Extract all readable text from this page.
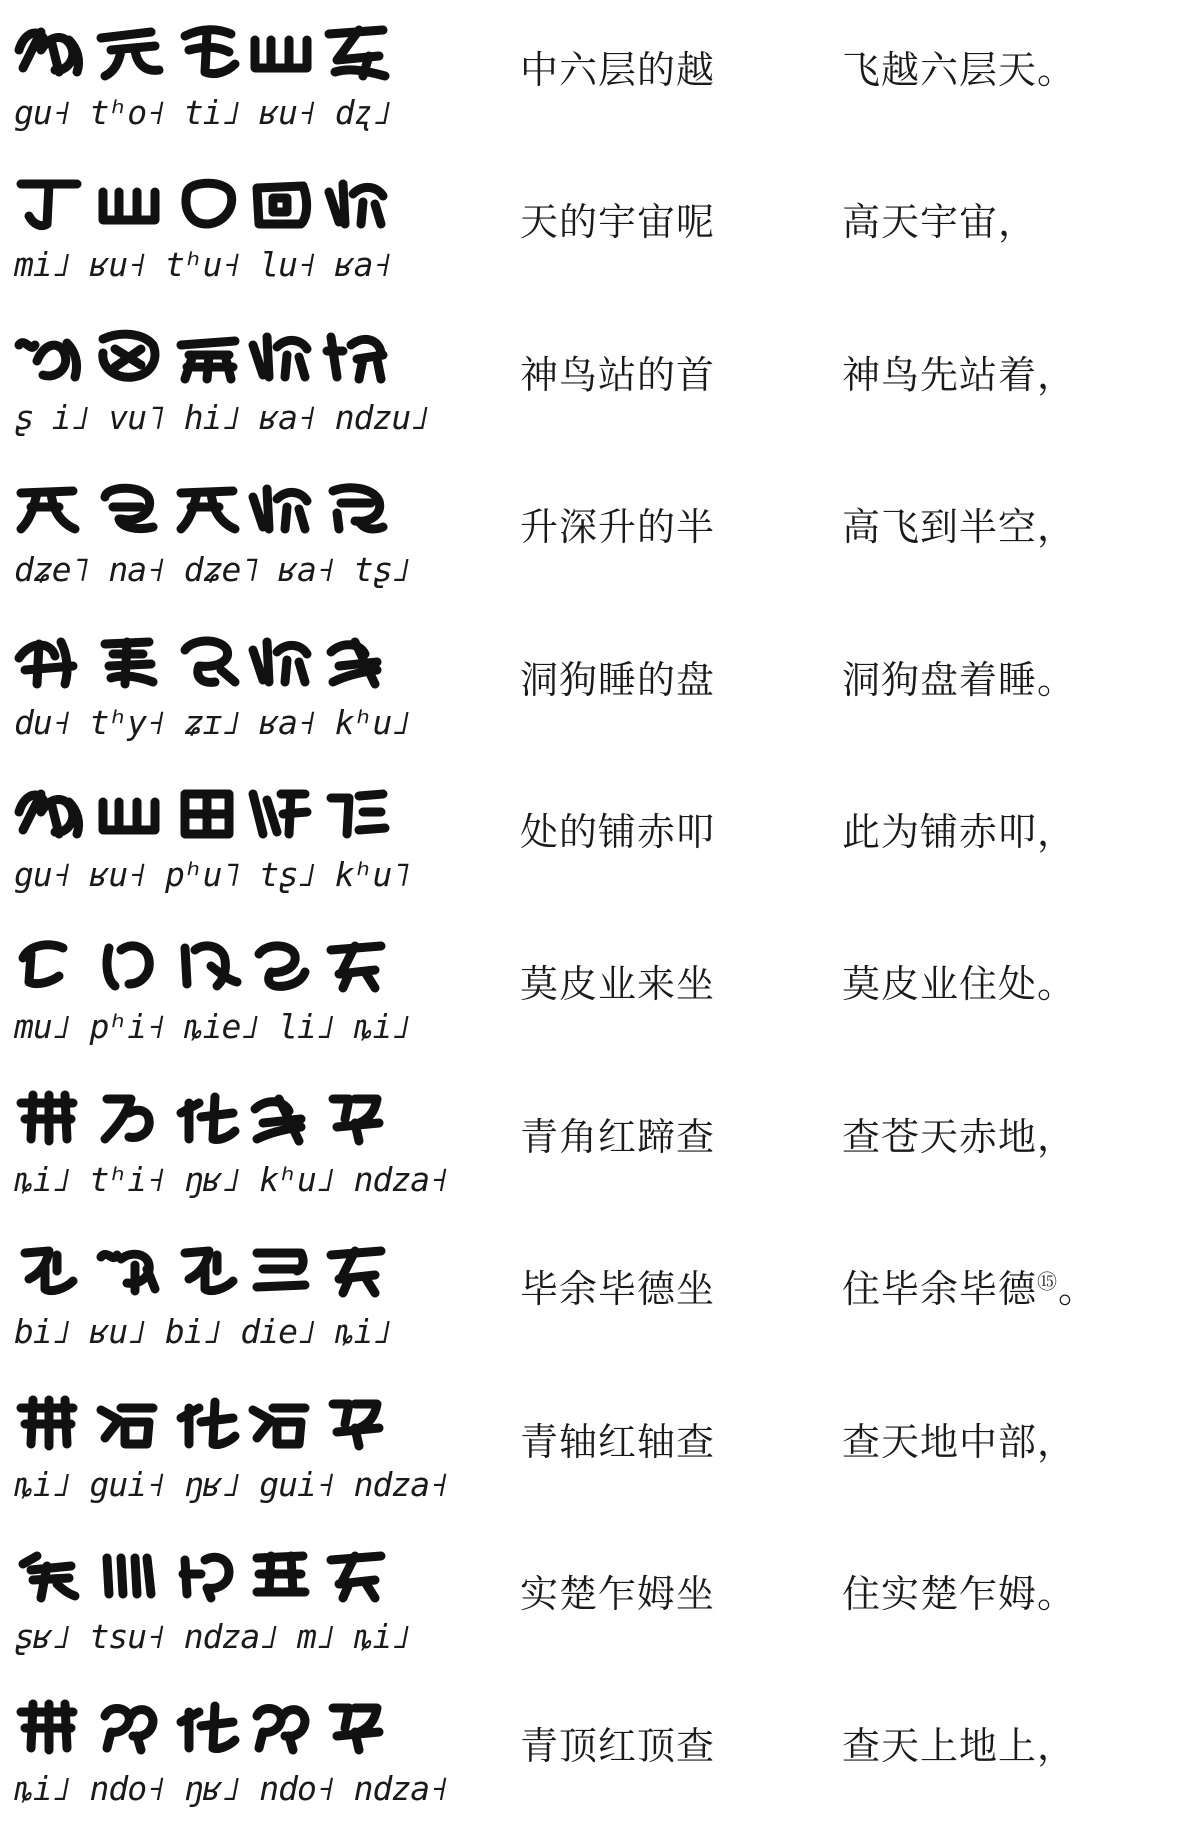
gu˧ tʰo˧ ti˩ ʁu˧ dʐ˩
中六层的越	飞越六层天。
mi˩ ʁu˧ tʰu˧ lu˧ ʁa˧
天的宇宙呢	高天宇宙，
ʂ i˩ vu˥ hi˩ ʁa˧ ndzu˩
神鸟站的首	神鸟先站着，
dʑe˥ na˧ dʑe˥ ʁa˧ tʂ˩
升深升的半	高飞到半空，
du˧ tʰy˧ ʑɪ˩ ʁa˧ kʰu˩
洞狗睡的盘	洞狗盘着睡。
gu˧ ʁu˧ pʰu˥ tʂ˩ kʰu˥
处的铺赤叩	此为铺赤叩，
mu˩ pʰi˧ ȵie˩ li˩ ȵi˩
莫皮业来坐	莫皮业住处。
ȵi˩ tʰi˧ ŋʁ˩ kʰu˩ ndza˧
青角红蹄查	查苍天赤地，
bi˩ ʁu˩ bi˩ die˩ ȵi˩
毕余毕德坐	住毕余毕德⑮。
ȵi˩ gui˧ ŋʁ˩ gui˧ ndza˧
青轴红轴查	查天地中部，
ʂʁ˩ tsu˧ ndza˩ m˩ ȵi˩
实楚乍姆坐	住实楚乍姆。
ȵi˩ ndo˧ ŋʁ˩ ndo˧ ndza˧
青顶红顶查	查天上地上，
